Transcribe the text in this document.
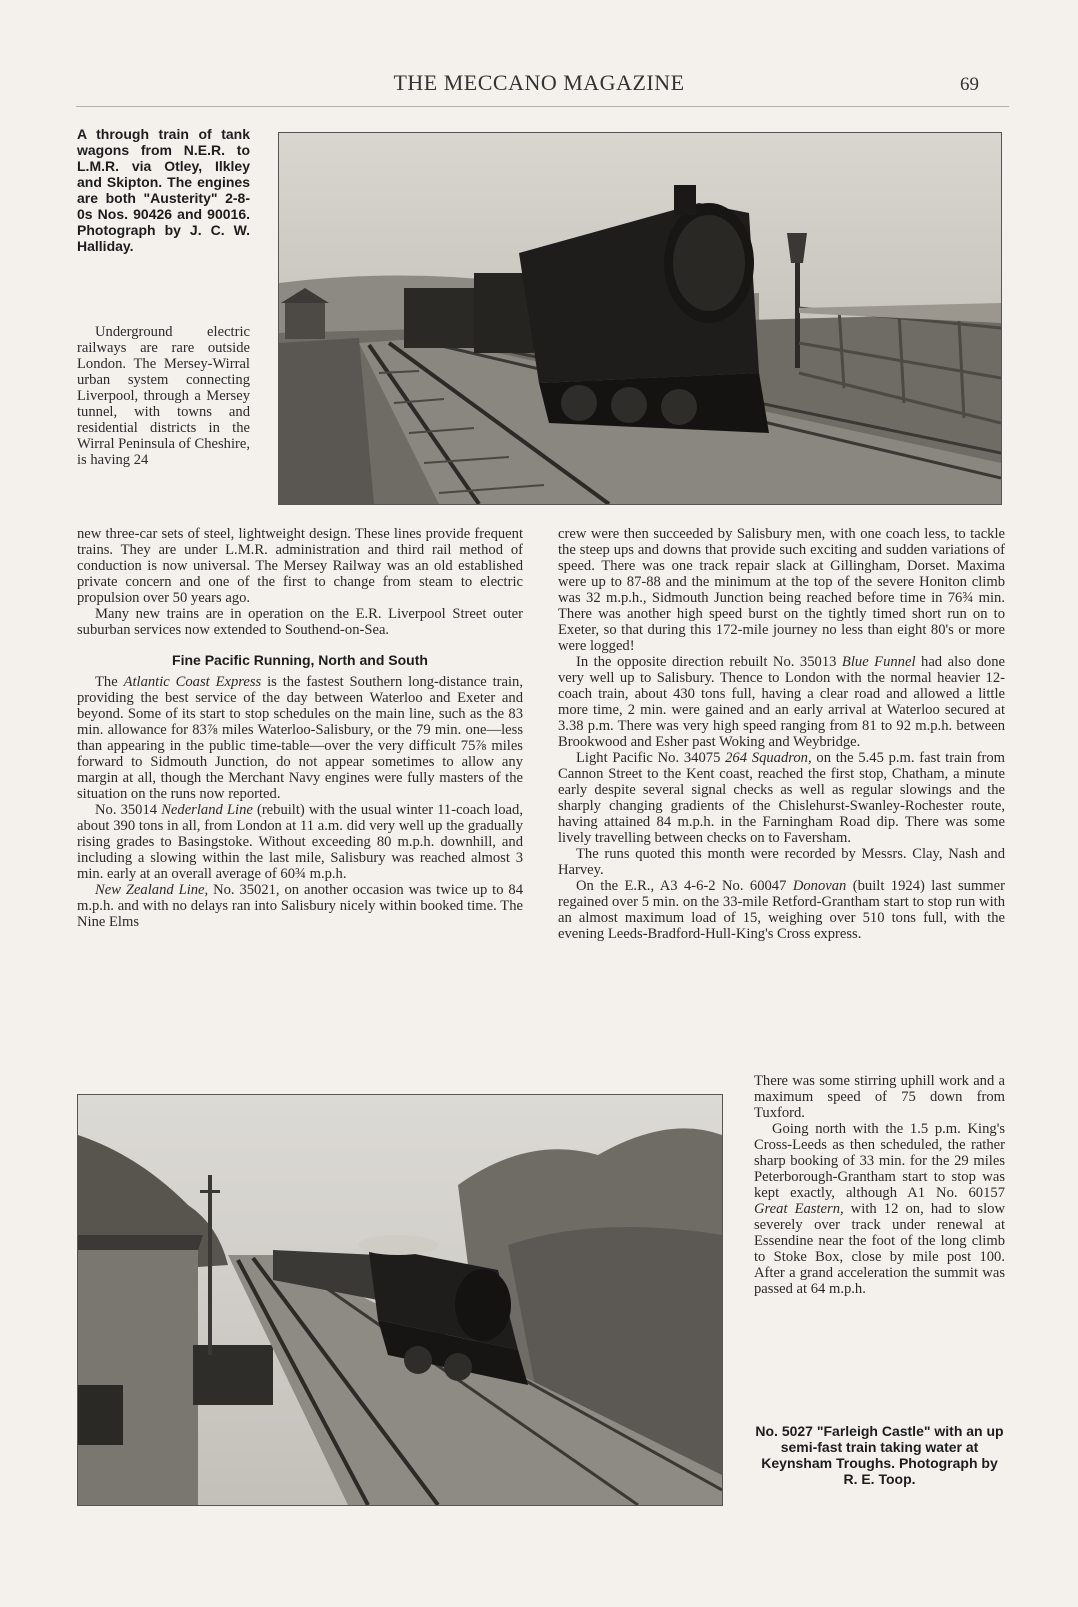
THE MECCANO MAGAZINE	69
A through train of tank wagons from N.E.R. to L.M.R. via Otley, Ilkley and Skipton. The engines are both "Austerity" 2-8-0s Nos. 90426 and 90016. Photograph by J. C. W. Halliday.

Underground electric railways are rare outside London. The Mersey-Wirral urban system connecting Liverpool, through a Mersey tunnel, with towns and residential districts in the Wirral Peninsula of Cheshire, is having 24

new three-car sets of steel, lightweight design. These lines provide frequent trains. They are under L.M.R. administration and third rail method of conduction is now universal. The Mersey Railway was an old established private concern and one of the first to change from steam to electric propulsion over 50 years ago.

Many new trains are in operation on the E.R. Liverpool Street outer suburban services now extended to Southend-on-Sea.

Fine Pacific Running, North and South

The Atlantic Coast Express is the fastest Southern long-distance train, providing the best service of the day between Waterloo and Exeter and beyond. Some of its start to stop schedules on the main line, such as the 83 min. allowance for 83⅞ miles Waterloo-Salisbury, or the 79 min. one—less than appearing in the public time-table—over the very difficult 75⅞ miles forward to Sidmouth Junction, do not appear sometimes to allow any margin at all, though the Merchant Navy engines were fully masters of the situation on the runs now reported.

No. 35014 Nederland Line (rebuilt) with the usual winter 11-coach load, about 390 tons in all, from London at 11 a.m. did very well up the gradually rising grades to Basingstoke. Without exceeding 80 m.p.h. downhill, and including a slowing within the last mile, Salisbury was reached almost 3 min. early at an overall average of 60¾ m.p.h.

New Zealand Line, No. 35021, on another occasion was twice up to 84 m.p.h. and with no delays ran into Salisbury nicely within booked time. The Nine Elms

crew were then succeeded by Salisbury men, with one coach less, to tackle the steep ups and downs that provide such exciting and sudden variations of speed. There was one track repair slack at Gillingham, Dorset. Maxima were up to 87-88 and the minimum at the top of the severe Honiton climb was 32 m.p.h., Sidmouth Junction being reached before time in 76¾ min. There was another high speed burst on the tightly timed short run on to Exeter, so that during this 172-mile journey no less than eight 80's or more were logged!

In the opposite direction rebuilt No. 35013 Blue Funnel had also done very well up to Salisbury. Thence to London with the normal heavier 12-coach train, about 430 tons full, having a clear road and allowed a little more time, 2 min. were gained and an early arrival at Waterloo secured at 3.38 p.m. There was very high speed ranging from 81 to 92 m.p.h. between Brookwood and Esher past Woking and Weybridge.

Light Pacific No. 34075 264 Squadron, on the 5.45 p.m. fast train from Cannon Street to the Kent coast, reached the first stop, Chatham, a minute early despite several signal checks as well as regular slowings and the sharply changing gradients of the Chislehurst-Swanley-Rochester route, having attained 84 m.p.h. in the Farningham Road dip. There was some lively travelling between checks on to Faversham.

The runs quoted this month were recorded by Messrs. Clay, Nash and Harvey.

On the E.R., A3 4-6-2 No. 60047 Donovan (built 1924) last summer regained over 5 min. on the 33-mile Retford-Grantham start to stop run with an almost maximum load of 15, weighing over 510 tons full, with the evening Leeds-Bradford-Hull-King's Cross express.

There was some stirring uphill work and a maximum speed of 75 down from Tuxford.

Going north with the 1.5 p.m. King's Cross-Leeds as then scheduled, the rather sharp booking of 33 min. for the 29 miles Peterborough-Grantham start to stop was kept exactly, although A1 No. 60157 Great Eastern, with 12 on, had to slow severely over track under renewal at Essendine near the foot of the long climb to Stoke Box, close by mile post 100. After a grand acceleration the summit was passed at 64 m.p.h.

No. 5027 "Farleigh Castle" with an up semi-fast train taking water at Keynsham Troughs. Photograph by R. E. Toop.
